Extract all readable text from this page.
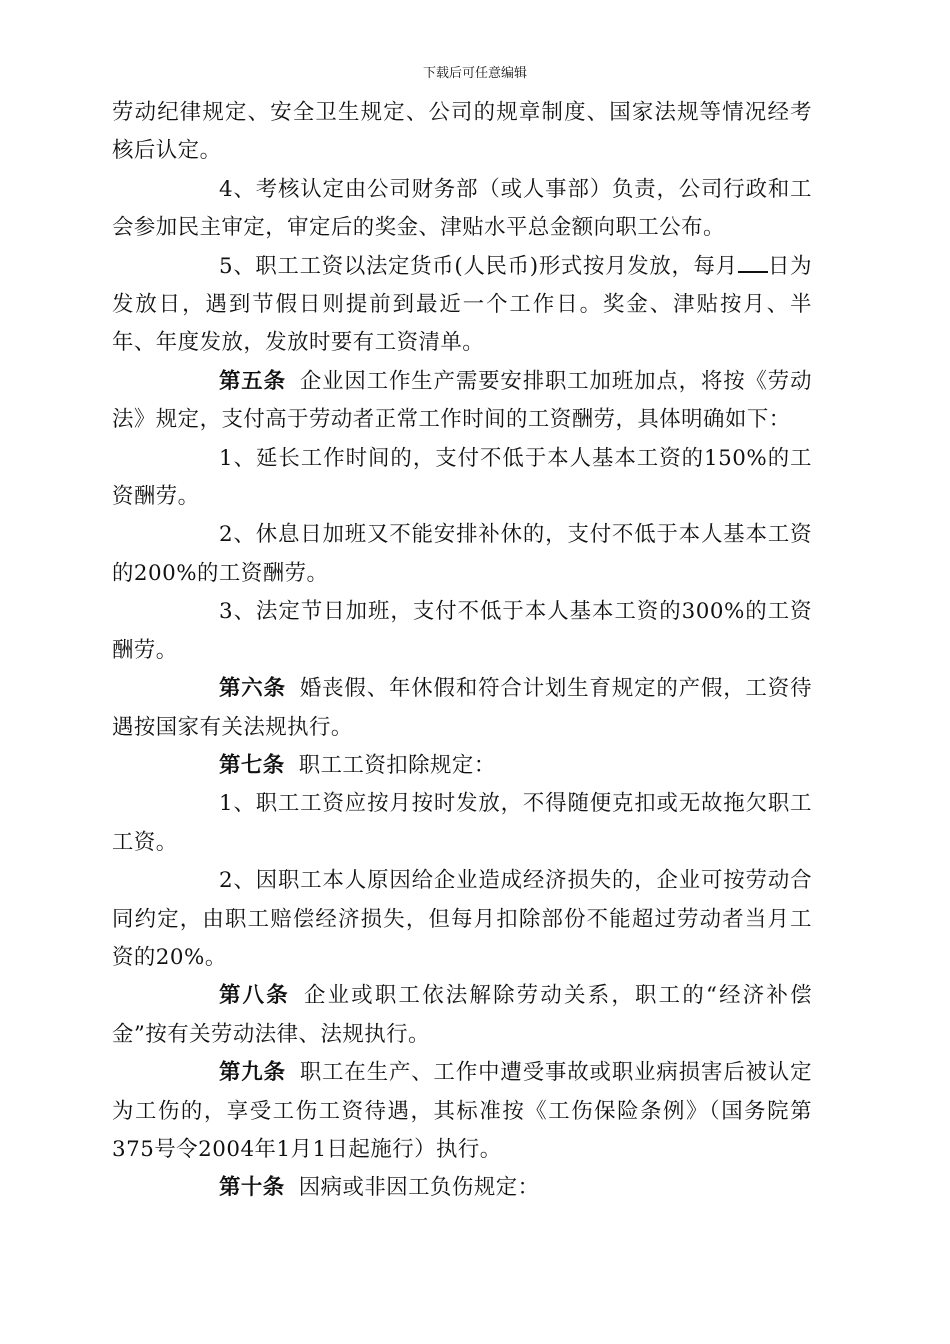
下载后可任意编辑

劳动纪律规定、安全卫生规定、公司的规章制度、国家法规等情况经考核后认定。

4、考核认定由公司财务部（或人事部）负责，公司行政和工会参加民主审定，审定后的奖金、津贴水平总金额向职工公布。

5、职工工资以法定货币(人民币)形式按月发放，每月 日为发放日，遇到节假日则提前到最近一个工作日。奖金、津贴按月、半年、年度发放，发放时要有工资清单。

第五条 企业因工作生产需要安排职工加班加点，将按《劳动法》规定，支付高于劳动者正常工作时间的工资酬劳，具体明确如下：

1、延长工作时间的，支付不低于本人基本工资的150%的工资酬劳。

2、休息日加班又不能安排补休的，支付不低于本人基本工资的200%的工资酬劳。

3、法定节日加班，支付不低于本人基本工资的300%的工资酬劳。

第六条 婚丧假、年休假和符合计划生育规定的产假，工资待遇按国家有关法规执行。

第七条 职工工资扣除规定：

1、职工工资应按月按时发放，不得随便克扣或无故拖欠职工工资。

2、因职工本人原因给企业造成经济损失的，企业可按劳动合同约定，由职工赔偿经济损失，但每月扣除部份不能超过劳动者当月工资的20%。

第八条 企业或职工依法解除劳动关系，职工的“经济补偿金”按有关劳动法律、法规执行。

第九条 职工在生产、工作中遭受事故或职业病损害后被认定为工伤的，享受工伤工资待遇，其标准按《工伤保险条例》（国务院第375号令2004年1月1日起施行）执行。

第十条 因病或非因工负伤规定：
